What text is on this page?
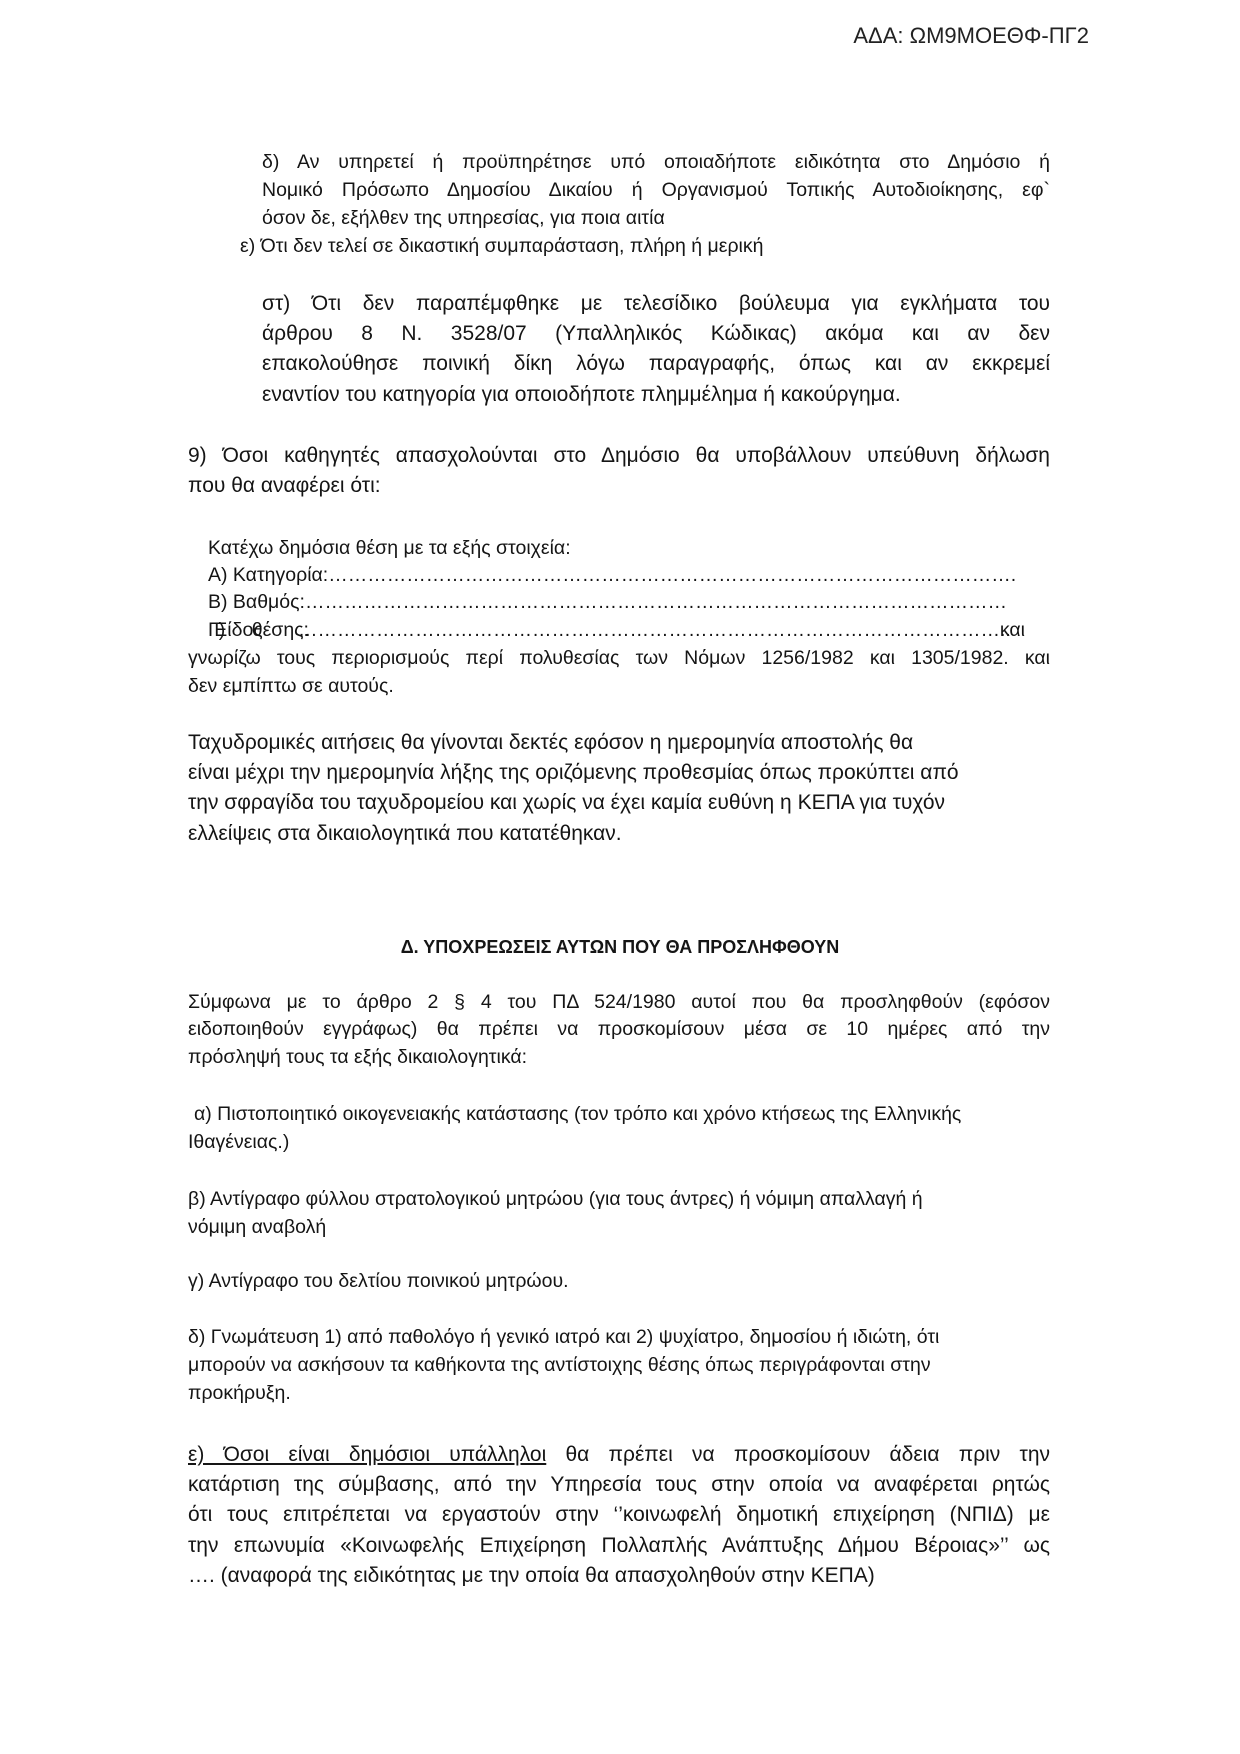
ΑΔΑ: ΩΜ9ΜΟΕΘΦ-ΠΓ2
δ) Αν υπηρετεί ή προϋπηρέτησε υπό οποιαδήποτε ειδικότητα στο Δημόσιο ή
Νομικό Πρόσωπο Δημοσίου Δικαίου ή Οργανισμού Τοπικής Αυτοδιοίκησης, εφ`
όσον δε, εξήλθεν της υπηρεσίας, για ποια αιτία
ε) Ότι δεν τελεί σε δικαστική συμπαράσταση, πλήρη ή μερική
στ) Ότι δεν παραπέμφθηκε με τελεσίδικο βούλευμα για εγκλήματα του
άρθρου 8 Ν. 3528/07 (Υπαλληλικός Κώδικας) ακόμα και αν δεν
επακολούθησε ποινική δίκη λόγω παραγραφής, όπως και αν εκκρεμεί
εναντίον του κατηγορία για οποιοδήποτε πλημμέλημα ή κακούργημα.
9) Όσοι καθηγητές απασχολούνται στο Δημόσιο θα υποβάλλουν υπεύθυνη δήλωση
που θα αναφέρει ότι:
Κατέχω δημόσια θέση με τα εξής στοιχεία:
Α) Κατηγορία:…………………………………………………………………………………………….
Β) Βαθμός:………………………………………………………………………………………………
Γ) Είδος θέσης: ……………………………………………………………………………………………….. και
γνωρίζω τους περιορισμούς περί πολυθεσίας των Νόμων 1256/1982 και 1305/1982. και
δεν εμπίπτω σε αυτούς.
Ταχυδρομικές αιτήσεις θα γίνονται δεκτές εφόσον η ημερομηνία αποστολής θα
είναι μέχρι την ημερομηνία λήξης της οριζόμενης προθεσμίας όπως προκύπτει από
την σφραγίδα του ταχυδρομείου και χωρίς να έχει καμία ευθύνη η ΚΕΠΑ για τυχόν
ελλείψεις στα δικαιολογητικά που κατατέθηκαν.
Δ. ΥΠΟΧΡΕΩΣΕΙΣ ΑΥΤΩΝ ΠΟΥ ΘΑ ΠΡΟΣΛΗΦΘΟΥΝ
Σύμφωνα με το άρθρο 2 § 4 του ΠΔ 524/1980 αυτοί που θα προσληφθούν (εφόσον
ειδοποιηθούν εγγράφως) θα πρέπει να προσκομίσουν μέσα σε 10 ημέρες από την
πρόσληψή τους τα εξής δικαιολογητικά:
α) Πιστοποιητικό οικογενειακής κατάστασης (τον τρόπο και χρόνο κτήσεως της Ελληνικής
Ιθαγένειας.)
β) Αντίγραφο φύλλου στρατολογικού μητρώου (για τους άντρες) ή νόμιμη απαλλαγή ή
νόμιμη αναβολή
γ) Αντίγραφο του δελτίου ποινικού μητρώου.
δ) Γνωμάτευση 1) από παθολόγο ή γενικό ιατρό και 2) ψυχίατρο, δημοσίου ή ιδιώτη, ότι
μπορούν να ασκήσουν τα καθήκοντα της αντίστοιχης θέσης όπως περιγράφονται στην
προκήρυξη.
ε) Όσοι είναι δημόσιοι υπάλληλοι θα πρέπει να προσκομίσουν άδεια πριν την
κατάρτιση της σύμβασης, από την Υπηρεσία τους στην οποία να αναφέρεται ρητώς
ότι τους επιτρέπεται να εργαστούν στην ‘’κοινωφελή δημοτική επιχείρηση (ΝΠΙΔ) με
την επωνυμία «Κοινωφελής Επιχείρηση Πολλαπλής Ανάπτυξης Δήμου Βέροιας»’’ ως
…. (αναφορά της ειδικότητας με την οποία θα απασχοληθούν στην ΚΕΠΑ)
